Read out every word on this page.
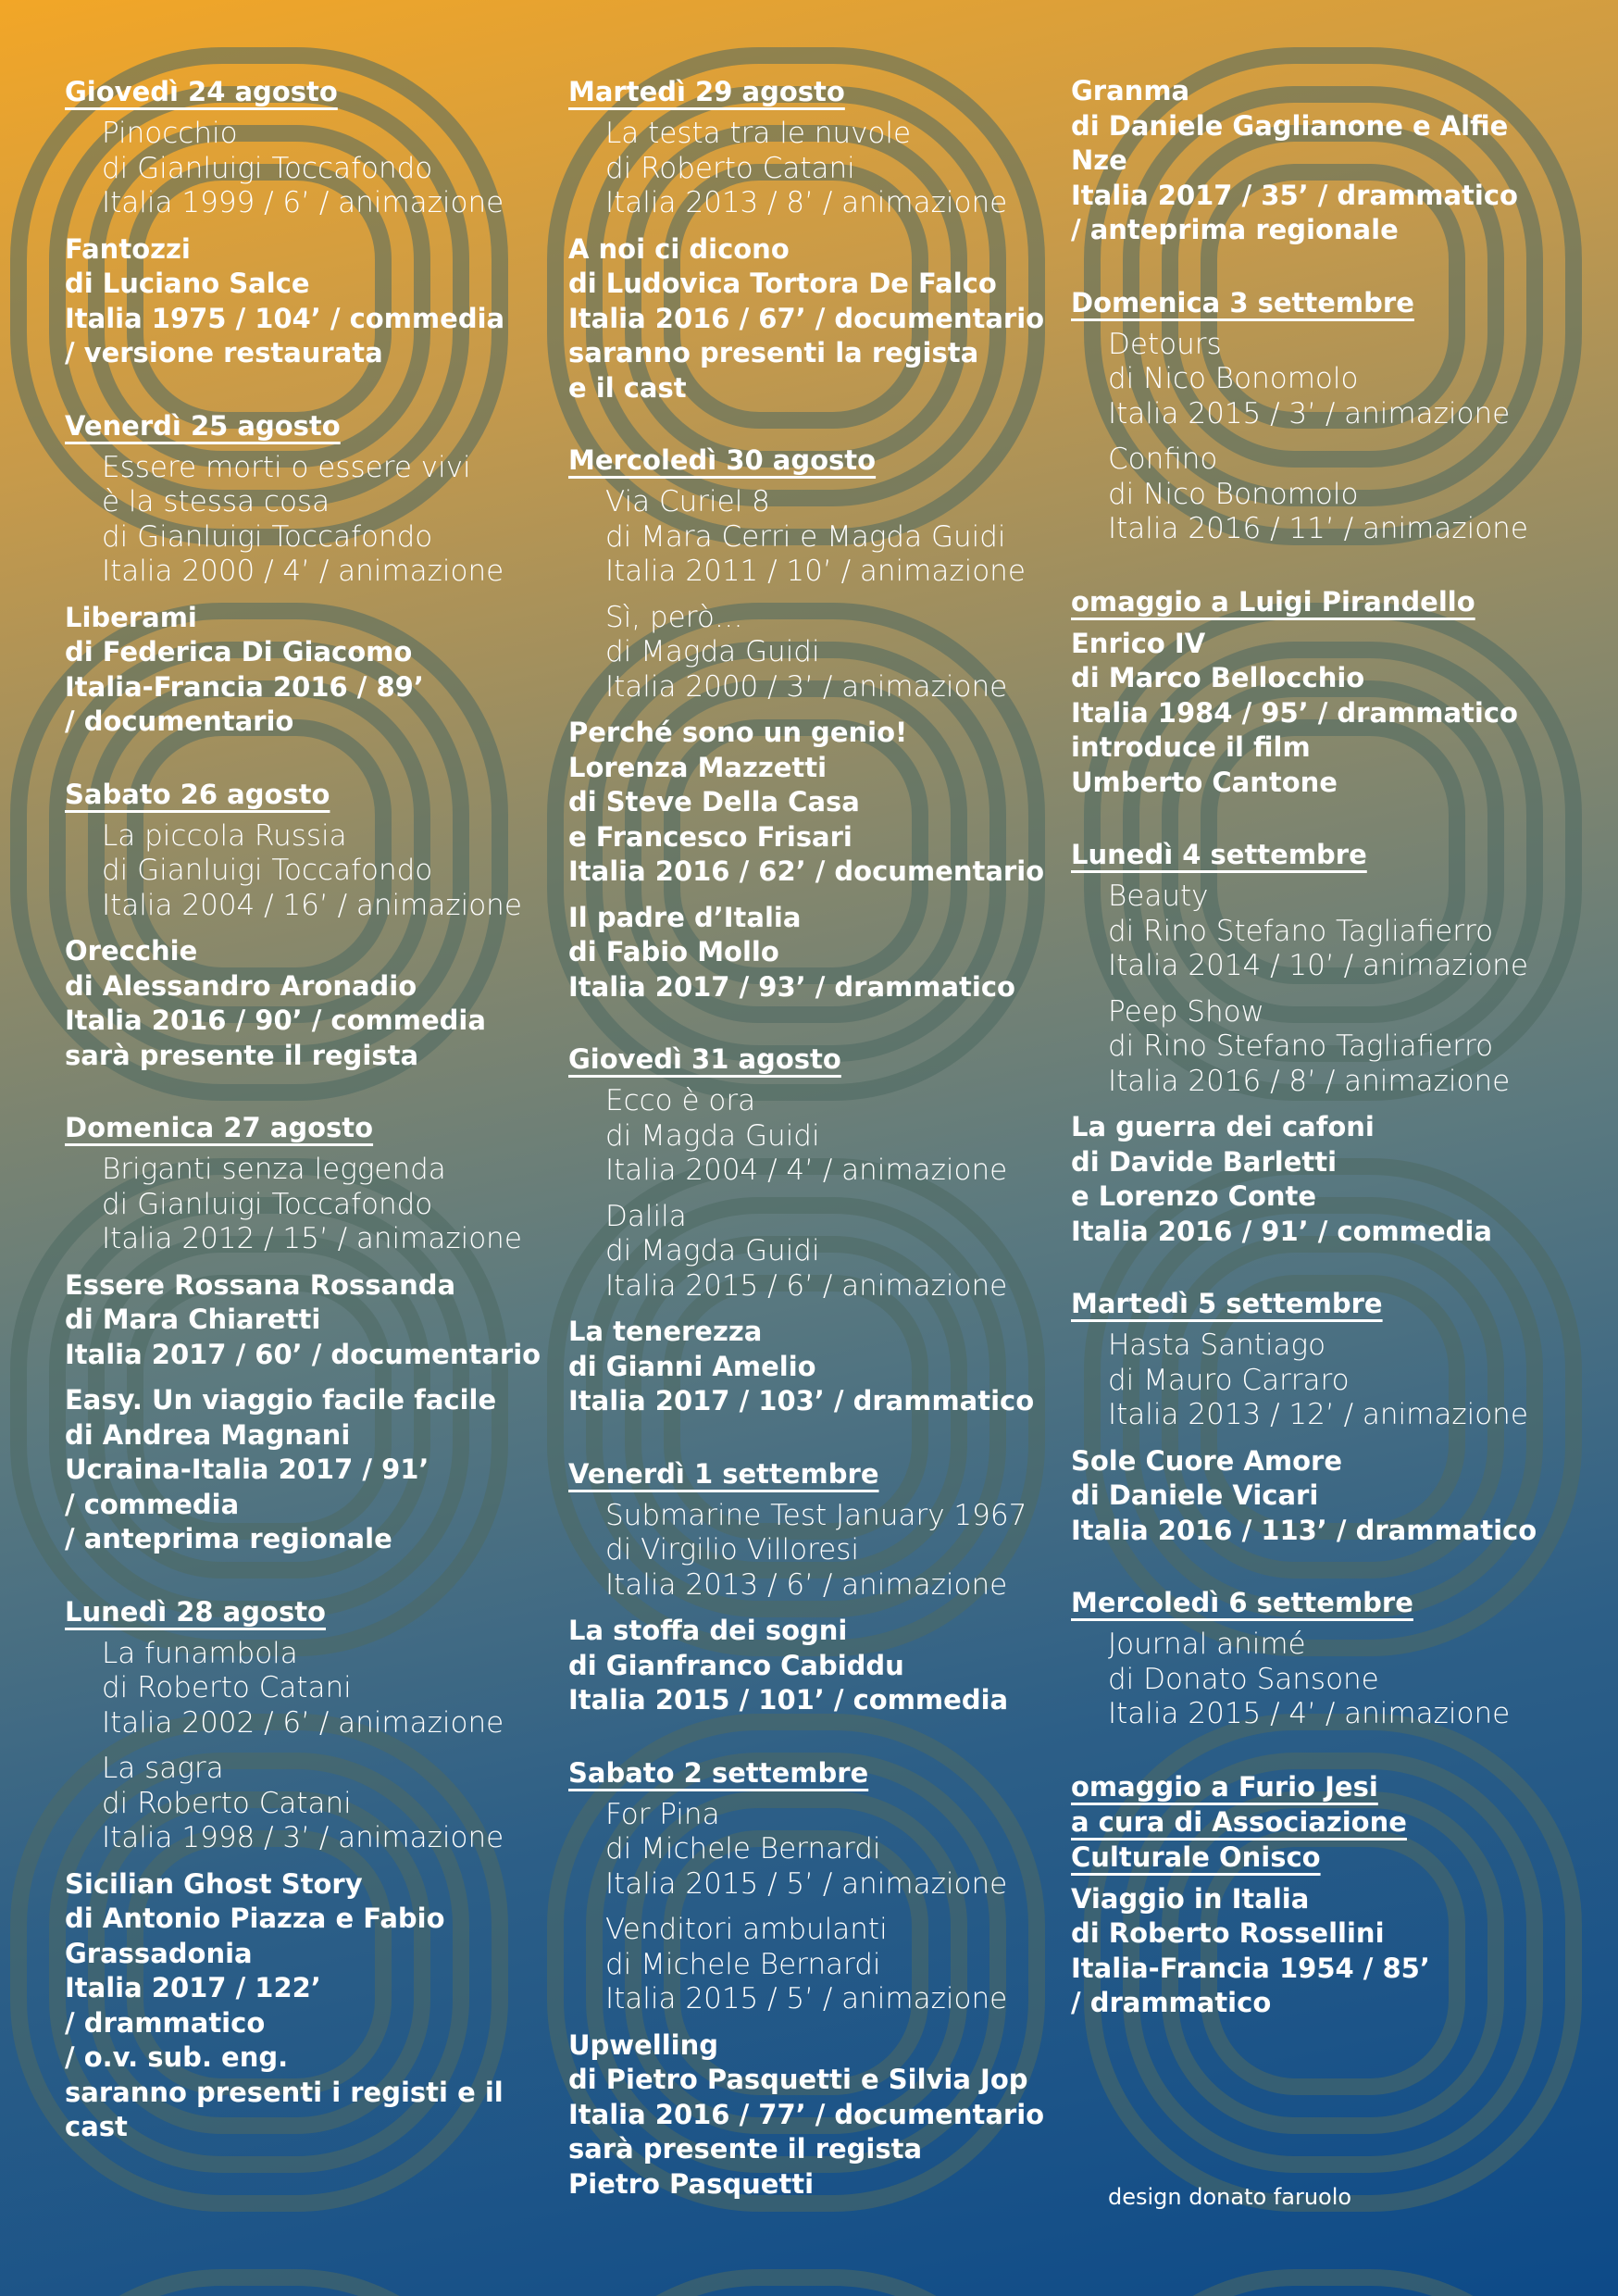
Giovedì 24 agosto
Pinocchio
di Gianluigi Toccafondo
Italia 1999 / 6’ / animazione
Fantozzi
di Luciano Salce
Italia 1975 / 104’ / commedia
/ versione restaurata
Venerdì 25 agosto
Essere morti o essere vivi
è la stessa cosa
di Gianluigi Toccafondo
Italia 2000 / 4’ / animazione
Liberami
di Federica Di Giacomo
Italia-Francia 2016 / 89’
/ documentario
Sabato 26 agosto
La piccola Russia
di Gianluigi Toccafondo
Italia 2004 / 16’ / animazione
Orecchie
di Alessandro Aronadio
Italia 2016 / 90’ / commedia
sarà presente il regista
Domenica 27 agosto
Briganti senza leggenda
di Gianluigi Toccafondo
Italia 2012 / 15’ / animazione
Essere Rossana Rossanda
di Mara Chiaretti
Italia 2017 / 60’ / documentario
Easy. Un viaggio facile facile
di Andrea Magnani
Ucraina-Italia 2017 / 91’
/ commedia
/ anteprima regionale
Lunedì 28 agosto
La funambola
di Roberto Catani
Italia 2002 / 6’ / animazione
La sagra
di Roberto Catani
Italia 1998 / 3’ / animazione
Sicilian Ghost Story
di Antonio Piazza e Fabio
Grassadonia
Italia 2017 / 122’
/ drammatico
/ o.v. sub. eng.
saranno presenti i registi e il cast
Martedì 29 agosto
La testa tra le nuvole
di Roberto Catani
Italia 2013 / 8’ / animazione
A noi ci dicono
di Ludovica Tortora De Falco
Italia 2016 / 67’ / documentario
saranno presenti la regista
e il cast
Mercoledì 30 agosto
Via Curiel 8
di Mara Cerri e Magda Guidi
Italia 2011 / 10’ / animazione
Sì, però…
di Magda Guidi
Italia 2000 / 3’ / animazione
Perché sono un genio!
Lorenza Mazzetti
di Steve Della Casa
e Francesco Frisari
Italia 2016 / 62’ / documentario
Il padre d’Italia
di Fabio Mollo
Italia 2017 / 93’ / drammatico
Giovedì 31 agosto
Ecco è ora
di Magda Guidi
Italia 2004 / 4’ / animazione
Dalila
di Magda Guidi
Italia 2015 / 6’ / animazione
La tenerezza
di Gianni Amelio
Italia 2017 / 103’ / drammatico
Venerdì 1 settembre
Submarine Test January 1967
di Virgilio Villoresi
Italia 2013 / 6’ / animazione
La stoffa dei sogni
di Gianfranco Cabiddu
Italia 2015 / 101’ / commedia
Sabato 2 settembre
For Pina
di Michele Bernardi
Italia 2015 / 5’ / animazione
Venditori ambulanti
di Michele Bernardi
Italia 2015 / 5’ / animazione
Upwelling
di Pietro Pasquetti e Silvia Jop
Italia 2016 / 77’ / documentario
sarà presente il regista
Pietro Pasquetti
Granma
di Daniele Gaglianone e Alfie Nze
Italia 2017 / 35’ / drammatico
/ anteprima regionale
Domenica 3 settembre
Detours
di Nico Bonomolo
Italia 2015 / 3’ / animazione
Confino
di Nico Bonomolo
Italia 2016 / 11’ / animazione
omaggio a Luigi Pirandello
Enrico IV
di Marco Bellocchio
Italia 1984 / 95’ / drammatico
introduce il film
Umberto Cantone
Lunedì 4 settembre
Beauty
di Rino Stefano Tagliafierro
Italia 2014 / 10’ / animazione
Peep Show
di Rino Stefano Tagliafierro
Italia 2016 / 8’ / animazione
La guerra dei cafoni
di Davide Barletti
e Lorenzo Conte
Italia 2016 / 91’ / commedia
Martedì 5 settembre
Hasta Santiago
di Mauro Carraro
Italia 2013 / 12’ / animazione
Sole Cuore Amore
di Daniele Vicari
Italia 2016 / 113’ / drammatico
Mercoledì 6 settembre
Journal animé
di Donato Sansone
Italia 2015 / 4’ / animazione
omaggio a Furio Jesi
a cura di Associazione
Culturale Onisco
Viaggio in Italia
di Roberto Rossellini
Italia-Francia 1954 / 85’
/ drammatico
design donato faruolo
